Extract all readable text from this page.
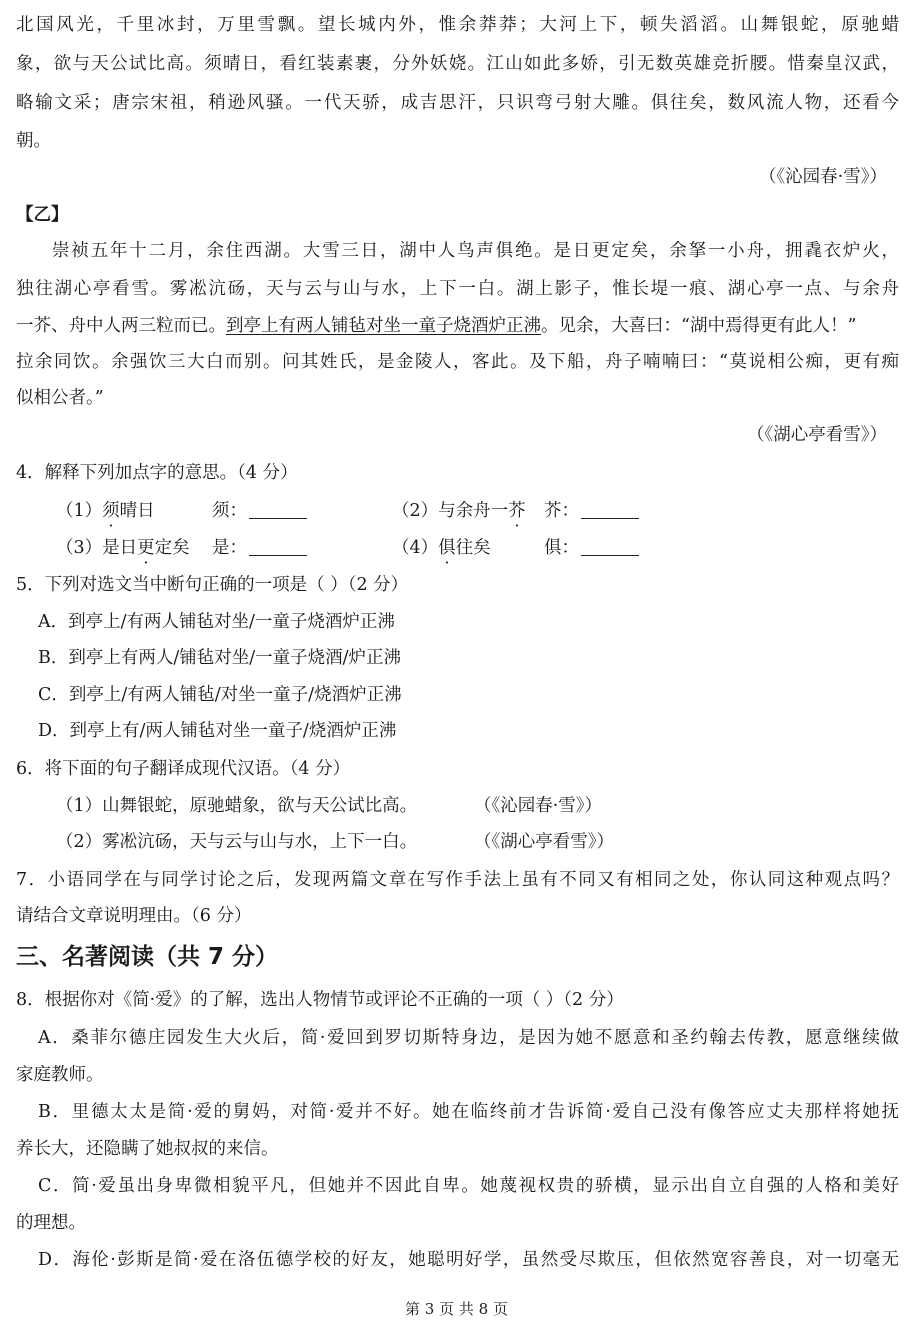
北国风光，千里冰封，万里雪飘。望长城内外，惟余莽莽；大河上下，顿失滔滔。山舞银蛇，原驰蜡
象，欲与天公试比高。须晴日，看红装素裹，分外妖娆。江山如此多娇，引无数英雄竞折腰。惜秦皇汉武，
略输文采；唐宗宋祖，稍逊风骚。一代天骄，成吉思汗，只识弯弓射大雕。俱往矣，数风流人物，还看今
朝。
（《沁园春·雪》）
【乙】
崇祯五年十二月，余住西湖。大雪三日，湖中人鸟声俱绝。是日更定矣，余拏一小舟，拥毳衣炉火，
独往湖心亭看雪。雾凇沆砀，天与云与山与水，上下一白。湖上影子，惟长堤一痕、湖心亭一点、与余舟
一芥、舟中人两三粒而已。到亭上有两人铺毡对坐一童子烧酒炉正沸。见余，大喜曰：“湖中焉得更有此人！”
拉余同饮。余强饮三大白而别。问其姓氏，是金陵人，客此。及下船，舟子喃喃曰：“莫说相公痴，更有痴
似相公者。”
（《湖心亭看雪》）
4．解释下列加点字的意思。（4 分）
（1）须晴日	须：	（2）与余舟一芥 芥：
（3）是日更定矣 是：	（4）俱往矣	俱：
5．下列对选文当中断句正确的一项是（ ）（2 分）
A．到亭上/有两人铺毡对坐/一童子烧酒炉正沸
B．到亭上有两人/铺毡对坐/一童子烧酒/炉正沸
C．到亭上/有两人铺毡/对坐一童子/烧酒炉正沸
D．到亭上有/两人铺毡对坐一童子/烧酒炉正沸
6．将下面的句子翻译成现代汉语。（4 分）
（1）山舞银蛇，原驰蜡象，欲与天公试比高。	（《沁园春·雪》）
（2）雾凇沆砀，天与云与山与水，上下一白。	（《湖心亭看雪》）
7．小语同学在与同学讨论之后，发现两篇文章在写作手法上虽有不同又有相同之处，你认同这种观点吗？
请结合文章说明理由。（6 分）
三、名著阅读（共 7 分）
8．根据你对《简·爱》的了解，选出人物情节或评论不正确的一项（ ）（2 分）
A．桑菲尔德庄园发生大火后，简·爱回到罗切斯特身边，是因为她不愿意和圣约翰去传教，愿意继续做
家庭教师。
B．里德太太是简·爱的舅妈，对简·爱并不好。她在临终前才告诉简·爱自己没有像答应丈夫那样将她抚
养长大，还隐瞒了她叔叔的来信。
C．简·爱虽出身卑微相貌平凡，但她并不因此自卑。她蔑视权贵的骄横，显示出自立自强的人格和美好
的理想。
D．海伦·彭斯是简·爱在洛伍德学校的好友，她聪明好学，虽然受尽欺压，但依然宽容善良，对一切毫无
第 3 页 共 8 页
